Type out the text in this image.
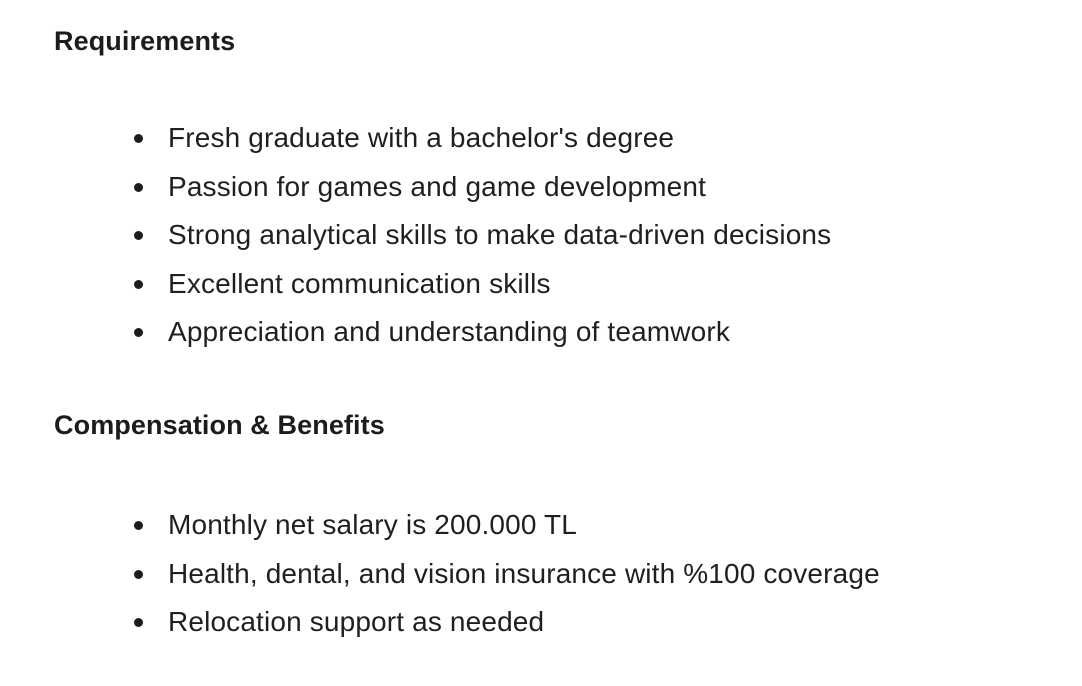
Requirements
Fresh graduate with a bachelor's degree
Passion for games and game development
Strong analytical skills to make data-driven decisions
Excellent communication skills
Appreciation and understanding of teamwork
Compensation & Benefits
Monthly net salary is 200.000 TL
Health, dental, and vision insurance with %100 coverage
Relocation support as needed
